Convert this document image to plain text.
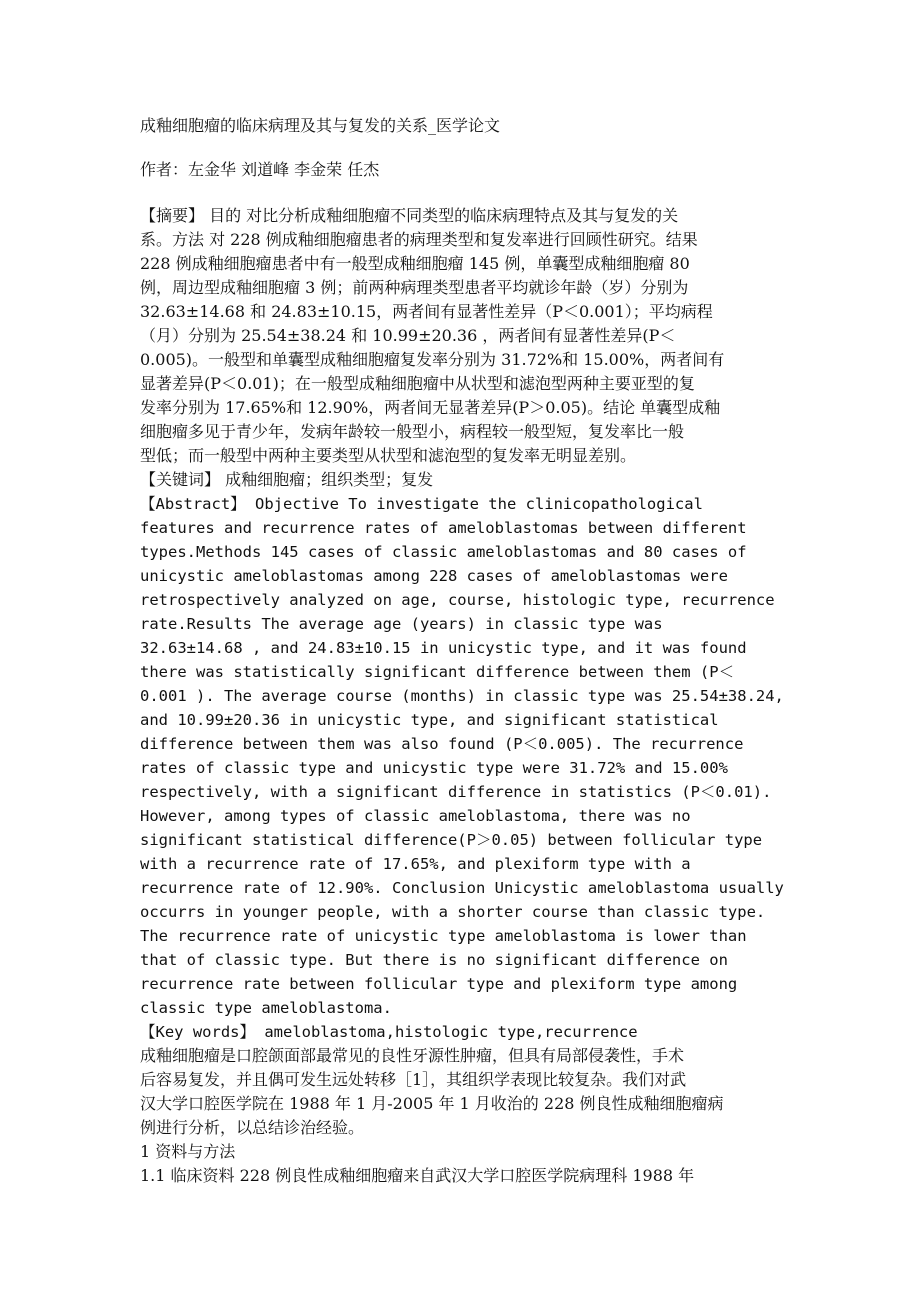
成釉细胞瘤的临床病理及其与复发的关系_医学论文

作者：左金华 刘道峰 李金荣 任杰

【摘要】 目的 对比分析成釉细胞瘤不同类型的临床病理特点及其与复发的关

系。方法 对 228 例成釉细胞瘤患者的病理类型和复发率进行回顾性研究。结果

228 例成釉细胞瘤患者中有一般型成釉细胞瘤 145 例，单囊型成釉细胞瘤 80

例，周边型成釉细胞瘤 3 例；前两种病理类型患者平均就诊年龄（岁）分别为

32.63±14.68 和 24.83±10.15，两者间有显著性差异（P＜0.001）；平均病程

（月）分别为 25.54±38.24 和 10.99±20.36 ，两者间有显著性差异(P＜

0.005)。一般型和单囊型成釉细胞瘤复发率分别为 31.72%和 15.00%，两者间有

显著差异(P＜0.01)；在一般型成釉细胞瘤中从状型和滤泡型两种主要亚型的复

发率分别为 17.65%和 12.90%，两者间无显著差异(P＞0.05)。结论 单囊型成釉

细胞瘤多见于青少年，发病年龄较一般型小，病程较一般型短，复发率比一般

型低；而一般型中两种主要类型从状型和滤泡型的复发率无明显差别。

【关键词】 成釉细胞瘤；组织类型；复发

【Abstract】 Objective To investigate the clinicopathological

features and recurrence rates of ameloblastomas between different

types.Methods 145 cases of classic ameloblastomas and 80 cases of

unicystic ameloblastomas among 228 cases of ameloblastomas were

retrospectively analyzed on age, course, histologic type, recurrence

rate.Results The average age (years) in classic type was

32.63±14.68 , and 24.83±10.15 in unicystic type, and it was found

there was statistically significant difference between them (P＜

0.001 ). The average course (months) in classic type was 25.54±38.24,

and 10.99±20.36 in unicystic type, and significant statistical

difference between them was also found (P＜0.005). The recurrence

rates of classic type and unicystic type were 31.72% and 15.00%

respectively, with a significant difference in statistics (P＜0.01).

However, among types of classic ameloblastoma, there was no

significant statistical difference(P＞0.05) between follicular type

with a recurrence rate of 17.65%, and plexiform type with a

recurrence rate of 12.90%. Conclusion Unicystic ameloblastoma usually

occurrs in younger people, with a shorter course than classic type.

The recurrence rate of unicystic type ameloblastoma is lower than

that of classic type. But there is no significant difference on

recurrence rate between follicular type and plexiform type among

classic type ameloblastoma.

【Key words】 ameloblastoma,histologic type,recurrence

成釉细胞瘤是口腔颌面部最常见的良性牙源性肿瘤，但具有局部侵袭性，手术

后容易复发，并且偶可发生远处转移［1］，其组织学表现比较复杂。我们对武

汉大学口腔医学院在 1988 年 1 月-2005 年 1 月收治的 228 例良性成釉细胞瘤病

例进行分析，以总结诊治经验。

1 资料与方法

1.1 临床资料 228 例良性成釉细胞瘤来自武汉大学口腔医学院病理科 1988 年
